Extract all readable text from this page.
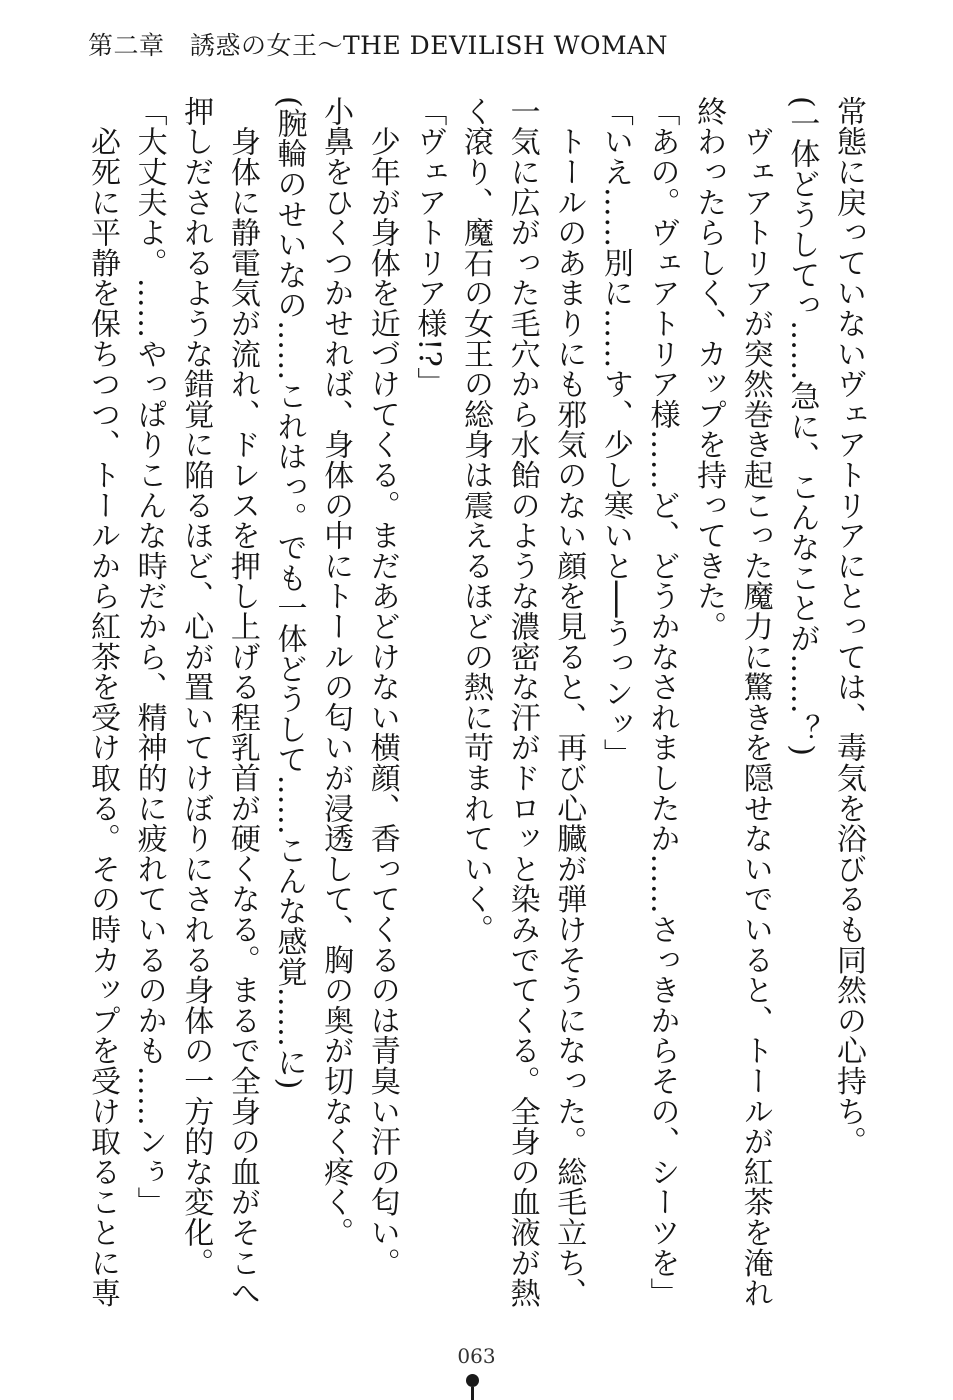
第二章　誘惑の女王〜THE DEVILISH WOMAN
常態に戻っていないヴェアトリアにとっては、毒気を浴びるも同然の心持ち。
(一体どうしてっ……急に、こんなことが……？)
　ヴェアトリアが突然巻き起こった魔力に驚きを隠せないでいると、トールが紅茶を淹れ
終わったらしく、カップを持ってきた。
「あの。ヴェアトリア様……ど、どうかなされましたか……さっきからその、シーツを」
「いえ……別に……す、少し寒いと──うっンッ」
　トールのあまりにも邪気のない顔を見ると、再び心臓が弾けそうになった。総毛立ち、
一気に広がった毛穴から水飴のような濃密な汗がドロッと染みでてくる。全身の血液が熱
く滾り、魔石の女王の総身は震えるほどの熱に苛まれていく。
「ヴェアトリア様!?」
　少年が身体を近づけてくる。まだあどけない横顔、香ってくるのは青臭い汗の匂い。
小鼻をひくつかせれば、身体の中にトールの匂いが浸透して、胸の奥が切なく疼く。
(腕輪のせいなの……これはっ。でも一体どうして……こんな感覚……に)
　身体に静電気が流れ、ドレスを押し上げる程乳首が硬くなる。まるで全身の血がそこへ
押しだされるような錯覚に陥るほど、心が置いてけぼりにされる身体の一方的な変化。
「大丈夫よ。……やっぱりこんな時だから、精神的に疲れているのかも……ンぅ」
　必死に平静を保ちつつ、トールから紅茶を受け取る。その時カップを受け取ることに専
063
